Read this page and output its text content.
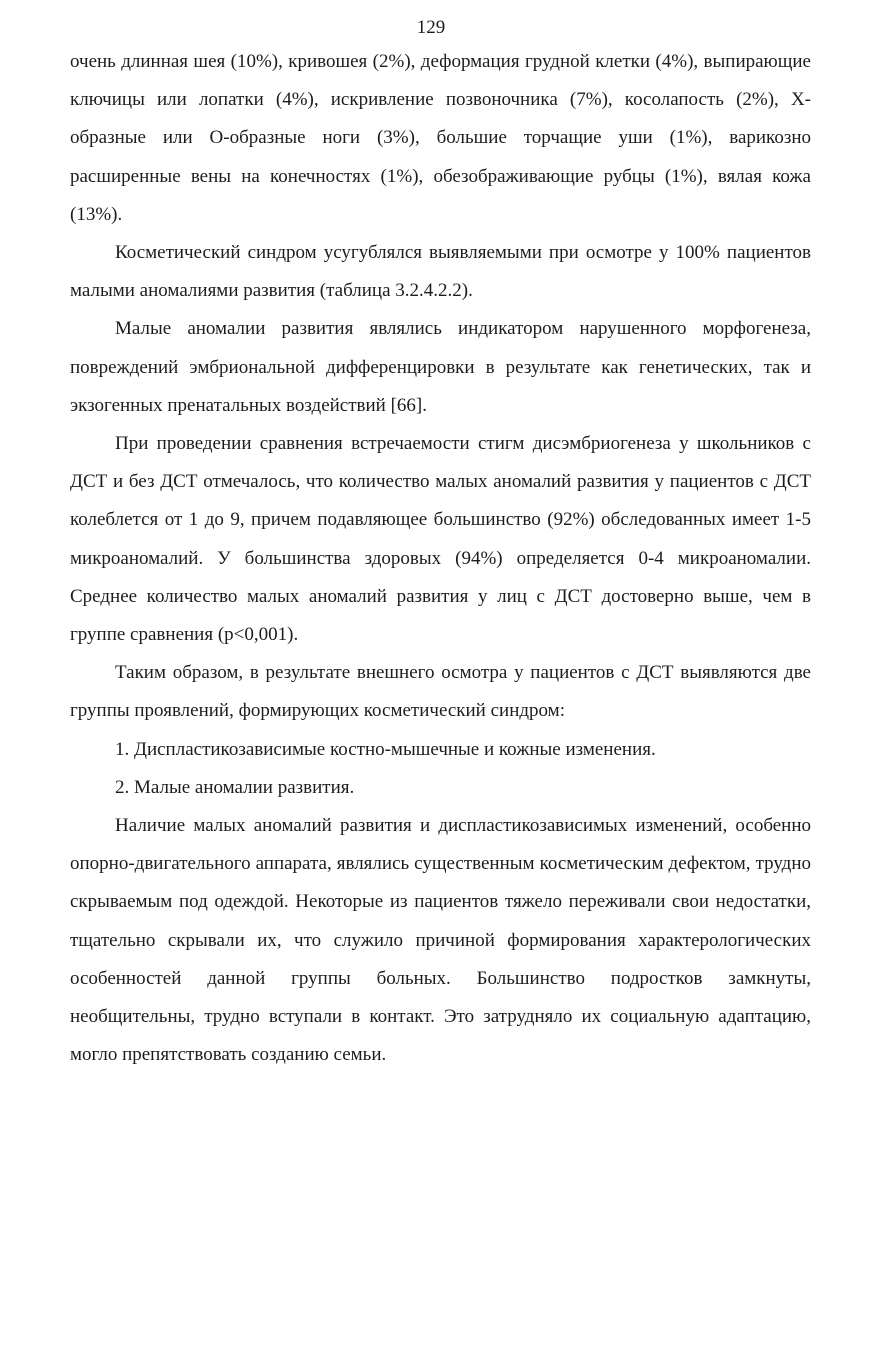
129

очень длинная шея (10%), кривошея (2%), деформация грудной клетки (4%), выпирающие ключицы или лопатки (4%), искривление позвоночника (7%), косолапость (2%), X-образные или О-образные ноги (3%), большие торчащие уши (1%), варикозно расширенные вены на конечностях (1%), обезображивающие рубцы (1%), вялая кожа (13%).

Косметический синдром усугублялся выявляемыми при осмотре у 100% пациентов малыми аномалиями развития (таблица 3.2.4.2.2).

Малые аномалии развития являлись индикатором нарушенного морфогенеза, повреждений эмбриональной дифференцировки в результате как генетических, так и экзогенных пренатальных воздействий [66].

При проведении сравнения встречаемости стигм дисэмбриогенеза у школьников с ДСТ и без ДСТ отмечалось, что количество малых аномалий развития у пациентов с ДСТ колеблется от 1 до 9, причем подавляющее большинство (92%) обследованных имеет 1-5 микроаномалий. У большинства здоровых (94%) определяется 0-4 микроаномалии. Среднее количество малых аномалий развития у лиц с ДСТ достоверно выше, чем в группе сравнения (p<0,001).

Таким образом, в результате внешнего осмотра у пациентов с ДСТ выявляются две группы проявлений, формирующих косметический синдром:

1. Диспластикозависимые костно-мышечные и кожные изменения.

2. Малые аномалии развития.

Наличие малых аномалий развития и диспластикозависимых изменений, особенно опорно-двигательного аппарата, являлись существенным косметическим дефектом, трудно скрываемым под одеждой. Некоторые из пациентов тяжело переживали свои недостатки, тщательно скрывали их, что служило причиной формирования характерологических особенностей данной группы больных. Большинство подростков замкнуты, необщительны, трудно вступали в контакт. Это затрудняло их социальную адаптацию, могло препятствовать созданию семьи.
